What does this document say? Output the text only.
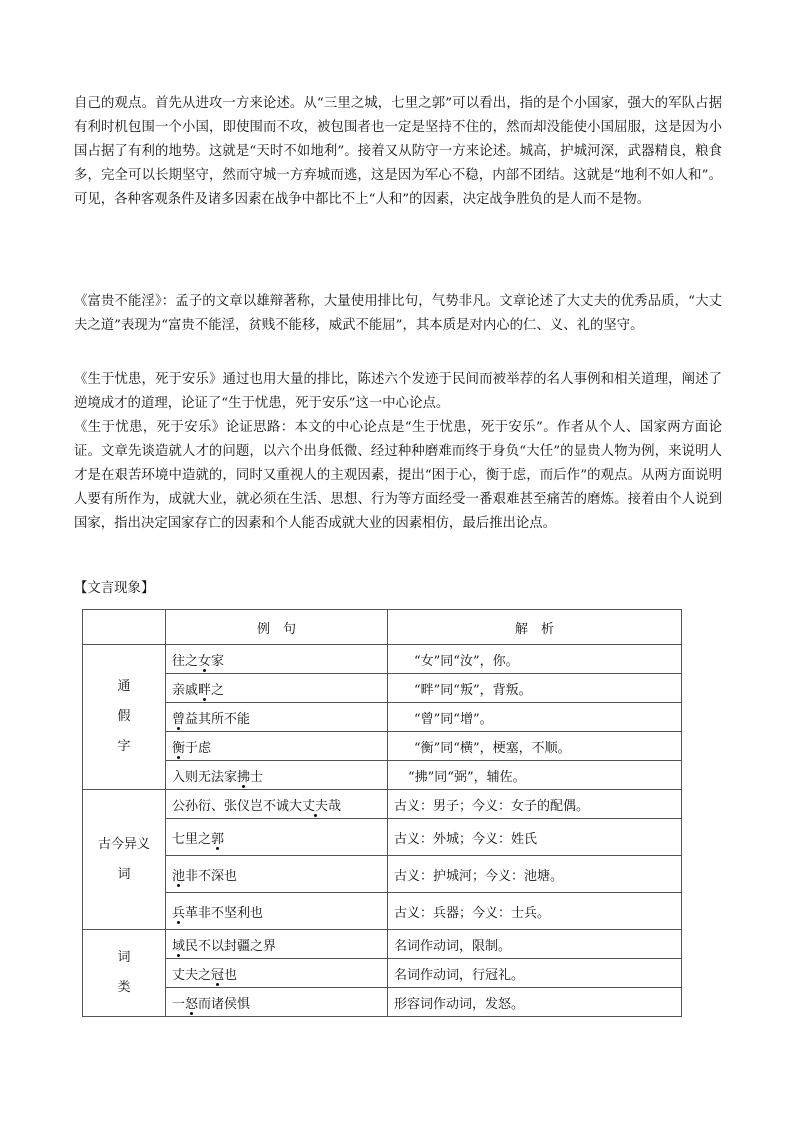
自己的观点。首先从进攻一方来论述。从“三里之城，七里之郭”可以看出，指的是个小国家，强大的军队占据有利时机包围一个小国，即使围而不攻，被包围者也一定是坚持不住的，然而却没能使小国屈服，这是因为小国占据了有利的地势。这就是“天时不如地利”。接着又从防守一方来论述。城高，护城河深，武器精良，粮食多，完全可以长期坚守，然而守城一方弃城而逃，这是因为军心不稳，内部不团结。这就是“地利不如人和”。可见，各种客观条件及诸多因素在战争中都比不上“人和”的因素，决定战争胜负的是人而不是物。

《富贵不能淫》：孟子的文章以雄辩著称，大量使用排比句，气势非凡。文章论述了大丈夫的优秀品质，“大丈夫之道”表现为“富贵不能淫，贫贱不能移，威武不能屈”，其本质是对内心的仁、义、礼的坚守。

《生于忧患，死于安乐》通过也用大量的排比，陈述六个发迹于民间而被举荐的名人事例和相关道理，阐述了逆境成才的道理，论证了“生于忧患，死于安乐”这一中心论点。

《生于忧患，死于安乐》论证思路：本文的中心论点是“生于忧患，死于安乐”。作者从个人、国家两方面论证。文章先谈造就人才的问题，以六个出身低微、经过种种磨难而终于身负“大任”的显贵人物为例，来说明人才是在艰苦环境中造就的，同时又重视人的主观因素，提出“困于心，衡于虑，而后作”的观点。从两方面说明人要有所作为，成就大业，就必须在生活、思想、行为等方面经受一番艰难甚至痛苦的磨炼。接着由个人说到国家，指出决定国家存亡的因素和个人能否成就大业的因素相仿，最后推出论点。

【文言现象】
	例　句	解　析

通
假
字	往之女家	“女”同“汝”，你。
	亲戚畔之	“畔”同“叛”，背叛。
	曾益其所不能	“曾”同“增”。
	衡于虑	“衡”同“横”，梗塞，不顺。
	入则无法家拂士	“拂”同“弼”，辅佐。

古今异义
词	公孙衍、张仪岂不诚大丈夫哉	古义：男子；今义：女子的配偶。
	七里之郭	古义：外城；今义：姓氏
	池非不深也	古义：护城河；今义：池塘。
	兵革非不坚利也	古义：兵器；今义：士兵。

词
类	域民不以封疆之界	名词作动词，限制。
	丈夫之冠也	名词作动词，行冠礼。
	一怒而诸侯惧	形容词作动词，发怒。
